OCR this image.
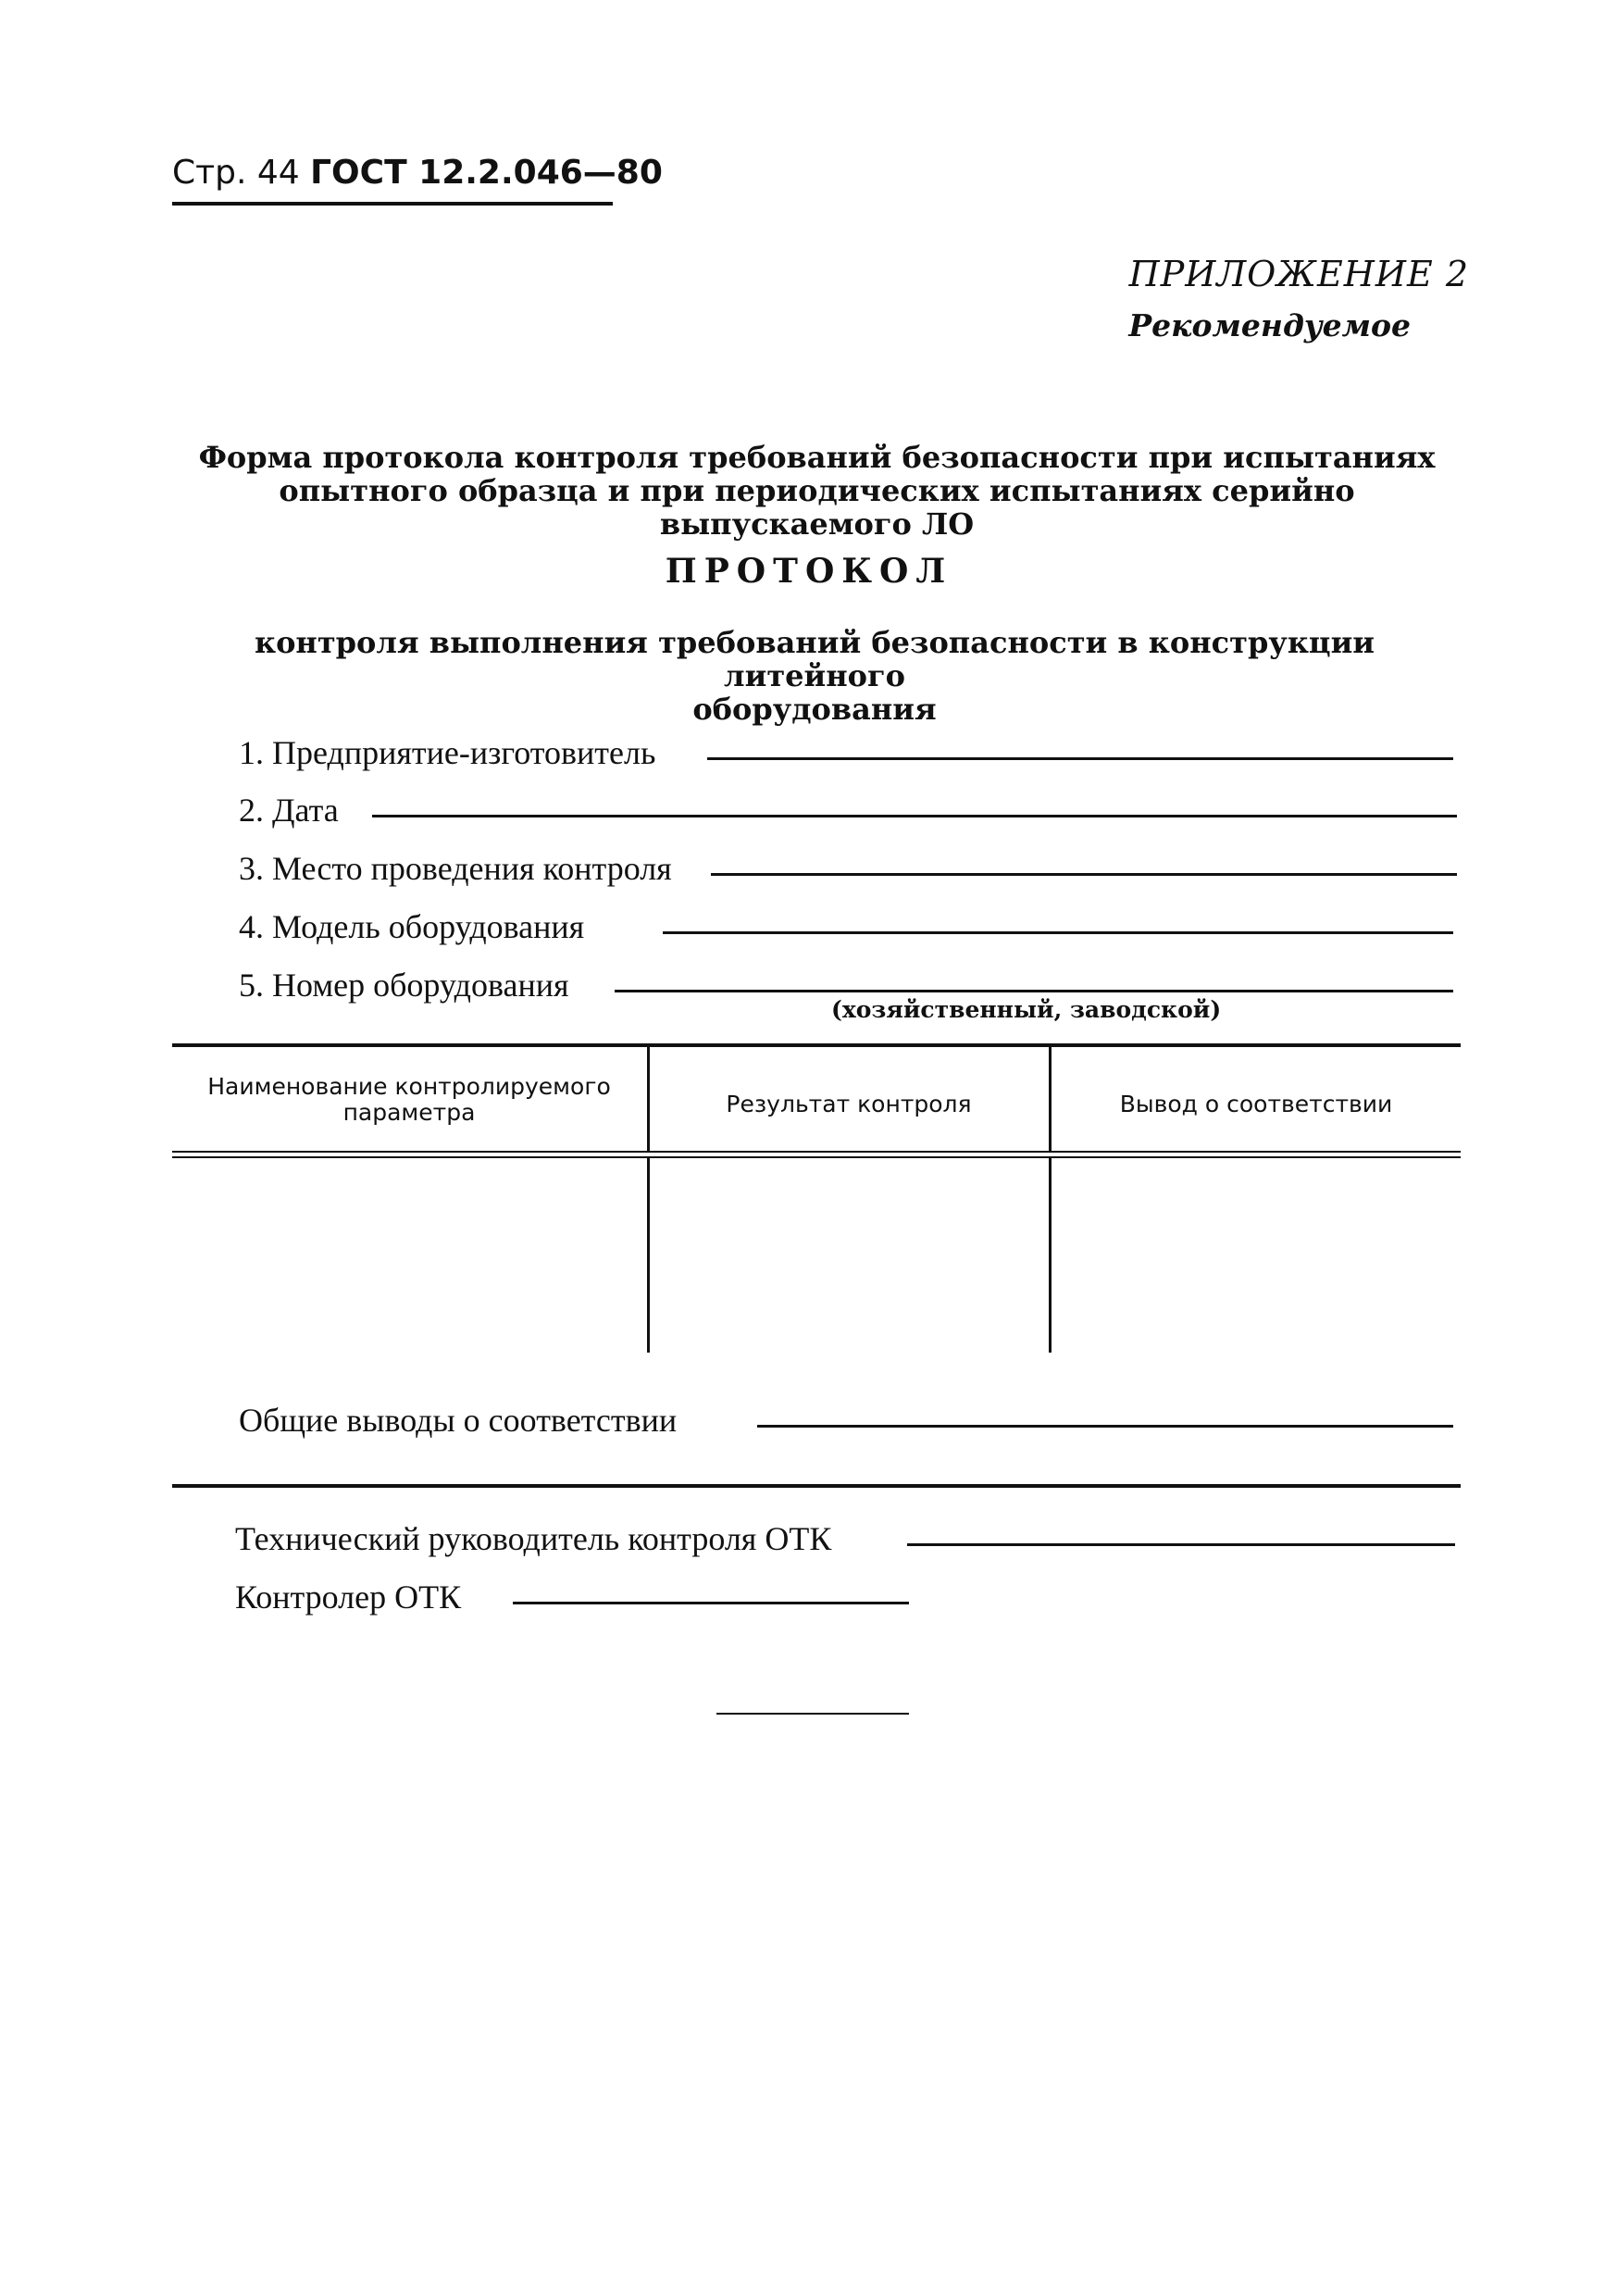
Стр. 44 ГОСТ 12.2.046—80
ПРИЛОЖЕНИЕ 2
Рекомендуемое
Форма протокола контроля требований безопасности при испытаниях
опытного образца и при периодических испытаниях серийно выпускаемого ЛО
ПРОТОКОЛ
контроля выполнения требований безопасности в конструкции литейного
оборудования
1. Предприятие-изготовитель
2. Дата
3. Место проведения контроля
4. Модель оборудования
5. Номер оборудования
(хозяйственный, заводской)
Наименование контролируемого параметра	Результат контроля	Вывод о соответствии
Общие выводы о соответствии
Технический руководитель контроля ОТК
Контролер ОТК
